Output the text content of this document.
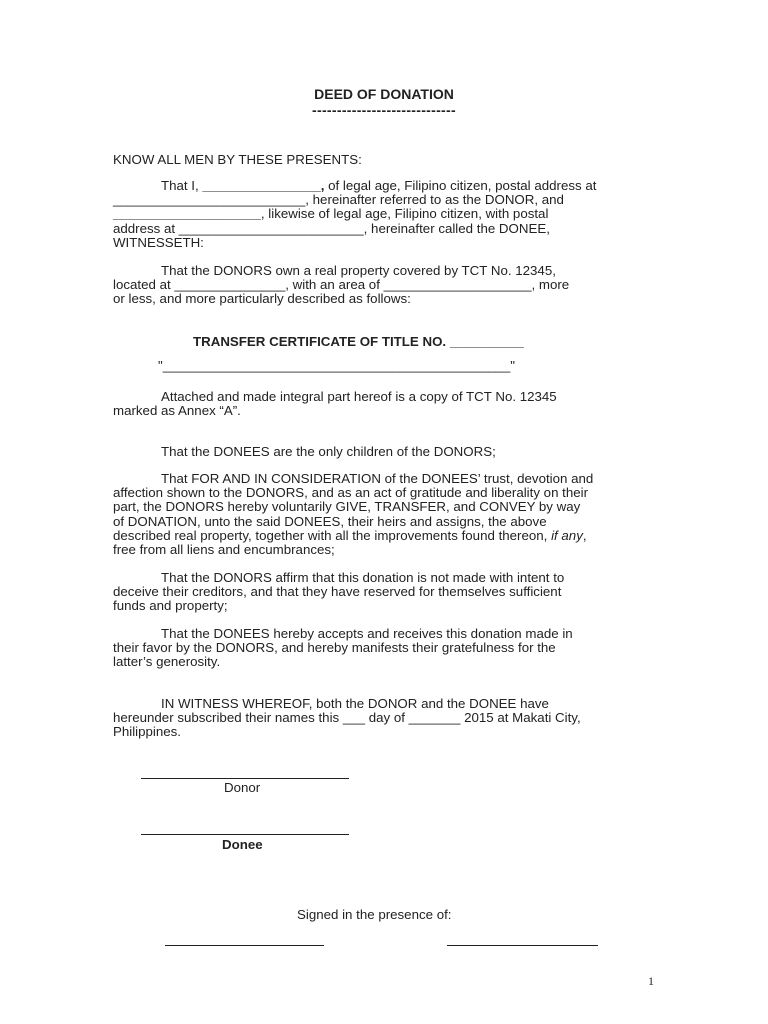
DEED OF DONATION
-----------------------------
KNOW ALL MEN BY THESE PRESENTS:
That I, ________________, of legal age, Filipino citizen, postal address at
__________________________, hereinafter referred to as the DONOR, and
____________________, likewise of legal age, Filipino citizen, with postal
address at _________________________, hereinafter called the DONEE,
WITNESSETH:
That the DONORS own a real property covered by TCT No. 12345,
located at _______________, with an area of ____________________, more
or less, and more particularly described as follows:
TRANSFER CERTIFICATE OF TITLE NO. __________
"_______________________________________________"
Attached and made integral part hereof is a copy of TCT No. 12345
marked as Annex “A”.
That the DONEES are the only children of the DONORS;
That FOR AND IN CONSIDERATION of the DONEES’ trust, devotion and
affection shown to the DONORS, and as an act of gratitude and liberality on their
part, the DONORS hereby voluntarily GIVE, TRANSFER, and CONVEY by way
of DONATION, unto the said DONEES, their heirs and assigns, the above
described real property, together with all the improvements found thereon, if any,
free from all liens and encumbrances;
That the DONORS affirm that this donation is not made with intent to
deceive their creditors, and that they have reserved for themselves sufficient
funds and property;
That the DONEES hereby accepts and receives this donation made in
their favor by the DONORS, and hereby manifests their gratefulness for the
latter’s generosity.
IN WITNESS WHEREOF, both the DONOR and the DONEE have
hereunder subscribed their names this ___ day of _______ 2015 at Makati City,
Philippines.
Donor
Donee
Signed in the presence of:
1
